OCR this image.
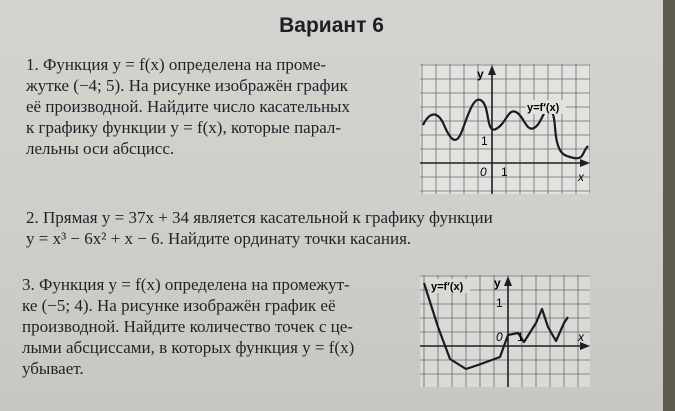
Вариант 6
1. Функция y = f(x) определена на проме-
жутке (−4; 5). На рисунке изображён график
её производной. Найдите число касательных
к графику функции y = f(x), которые парал-
лельны оси абсцисс.
y
x
y=f′(x)
0 1
1
2. Прямая y = 37x + 34 является касательной к графику функции
y = x³ − 6x² + x − 6. Найдите ординату точки касания.
3. Функция y = f(x) определена на промежут-
ке (−5; 4). На рисунке изображён график её
производной. Найдите количество точек с це-
лыми абсциссами, в которых функция y = f(x)
убывает.
y=f′(x)	y
x
0 1
1
